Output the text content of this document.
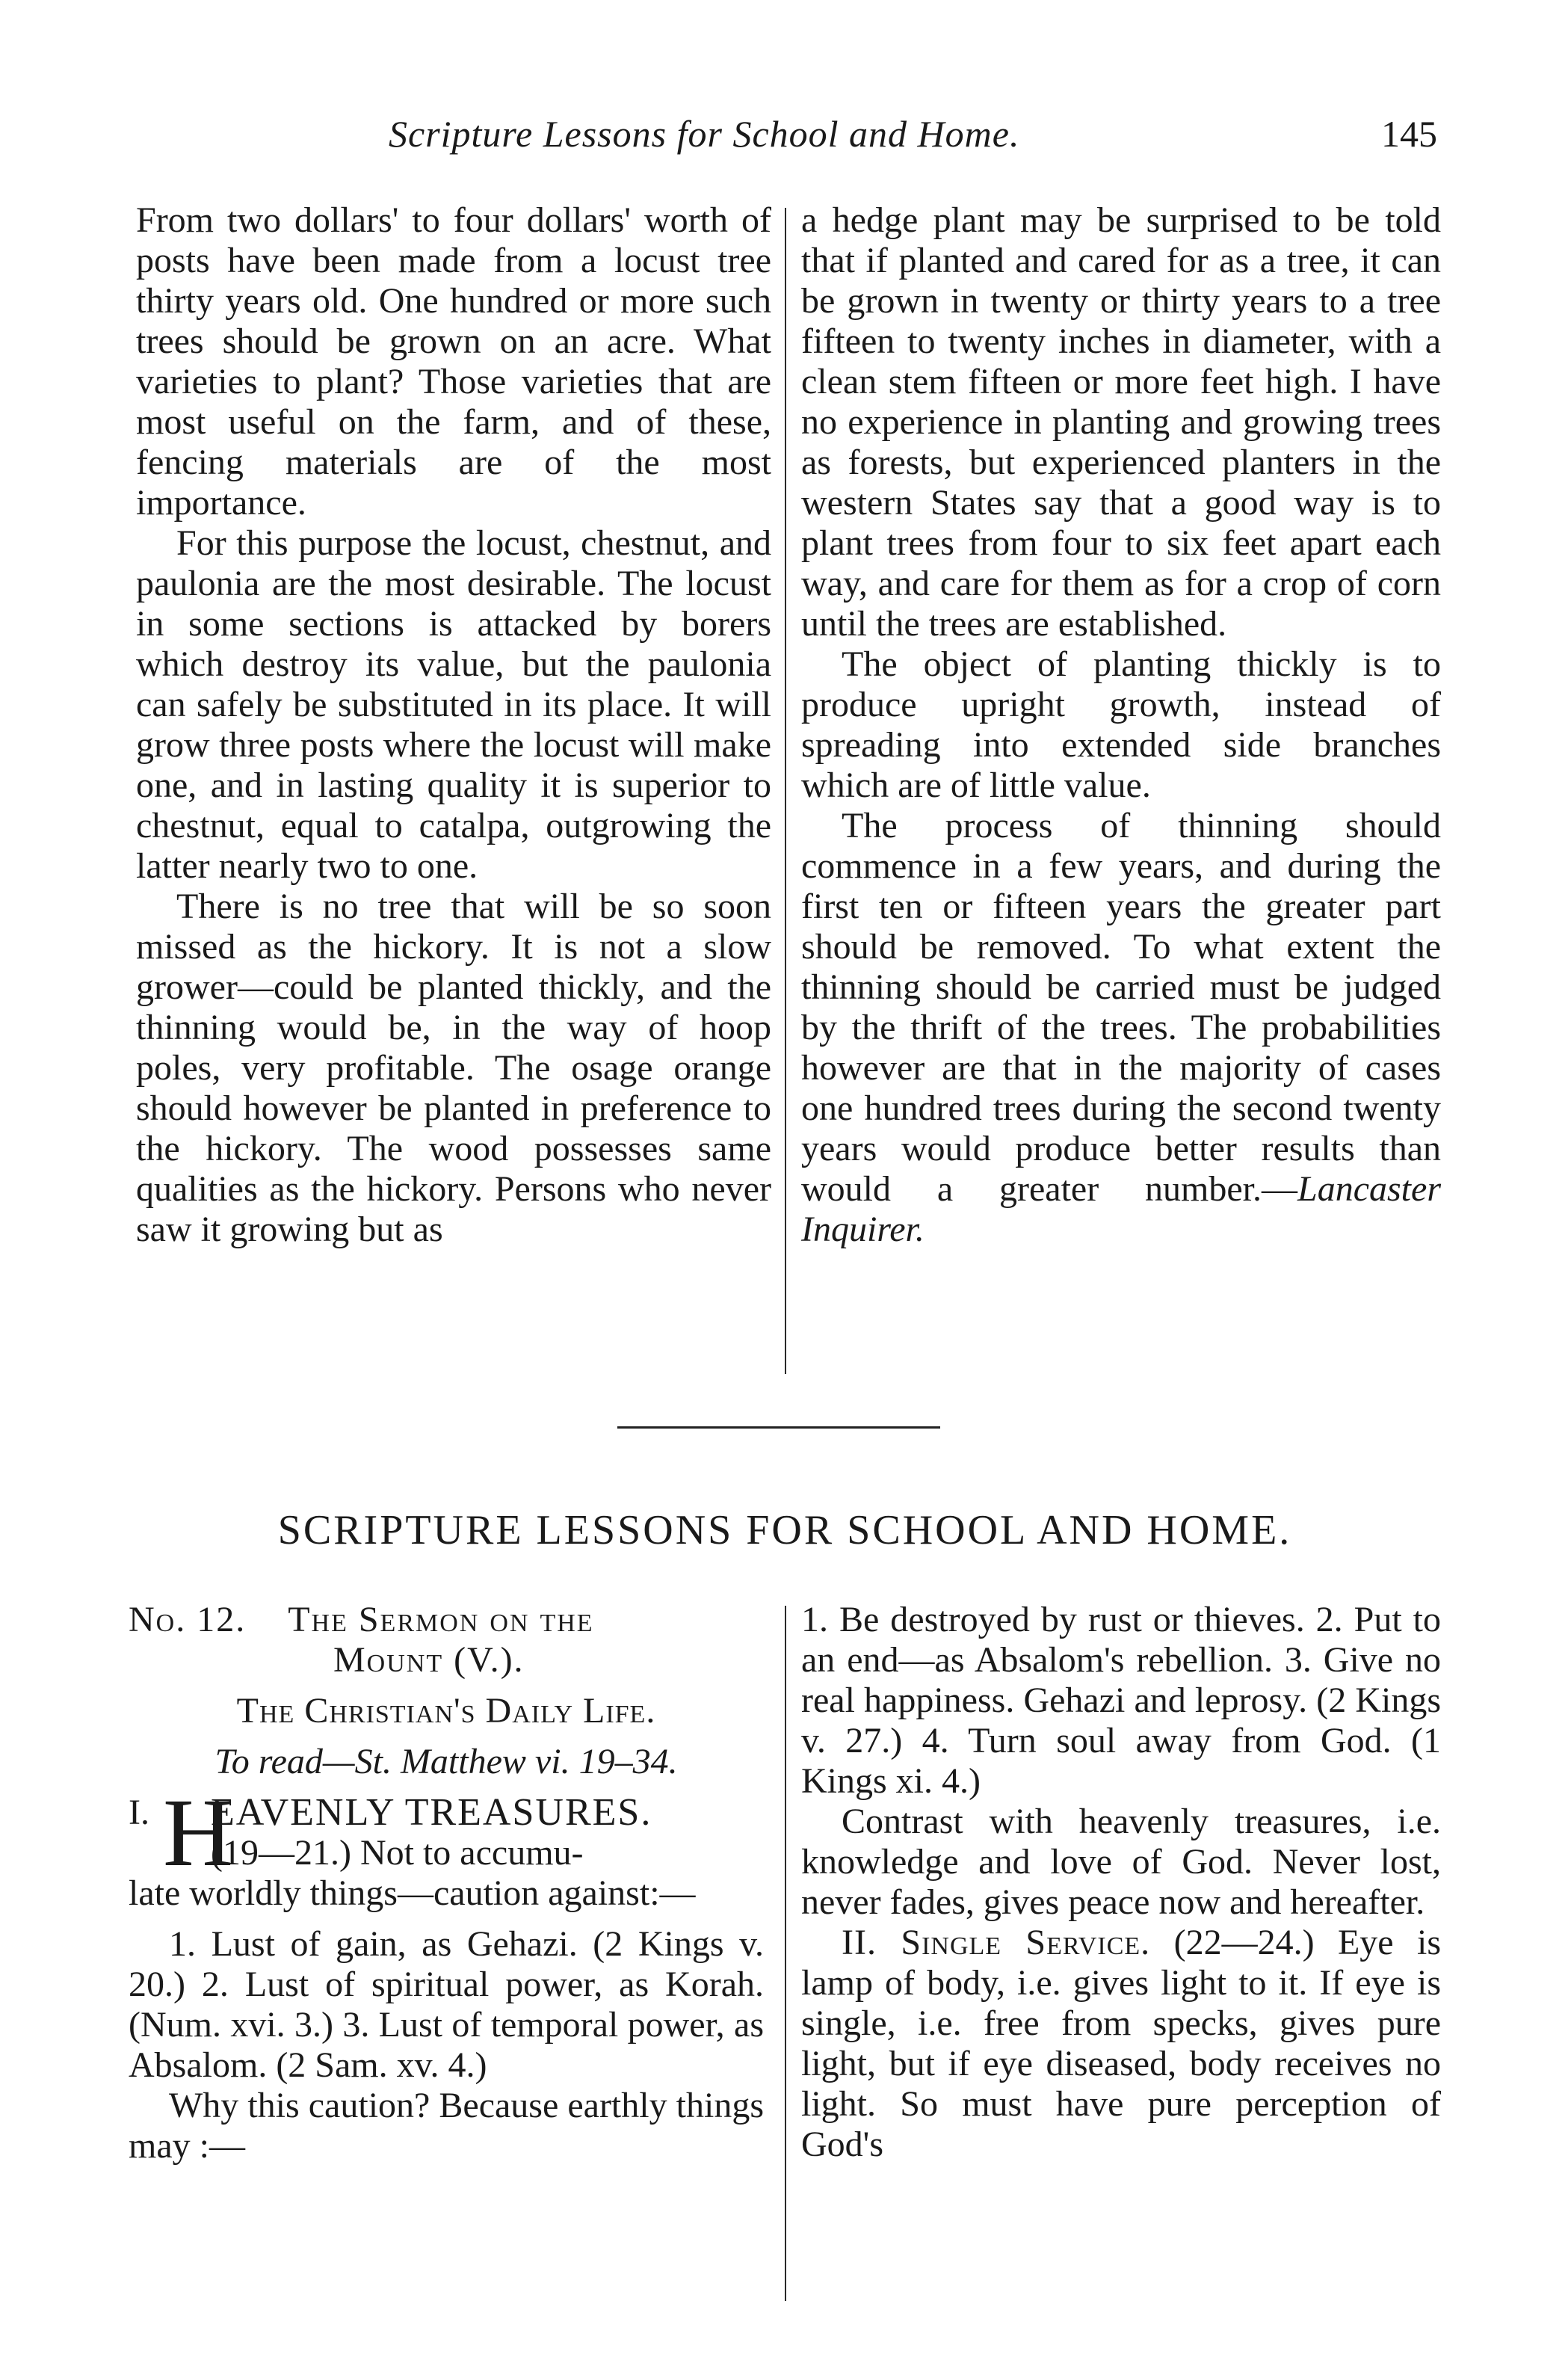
Scripture Lessons for School and Home.	145

From two dollars' to four dollars' worth of posts have been made from a locust tree thirty years old. One hundred or more such trees should be grown on an acre. What varieties to plant? Those varieties that are most useful on the farm, and of these, fencing materials are of the most importance.

For this purpose the locust, chestnut, and paulonia are the most desirable. The locust in some sections is attacked by borers which destroy its value, but the paulonia can safely be substituted in its place. It will grow three posts where the locust will make one, and in lasting quality it is superior to chestnut, equal to catalpa, outgrowing the latter nearly two to one.

There is no tree that will be so soon missed as the hickory. It is not a slow grower—could be planted thickly, and the thinning would be, in the way of hoop poles, very profitable. The osage orange should however be planted in preference to the hickory. The wood possesses same qualities as the hickory. Persons who never saw it growing but as

a hedge plant may be surprised to be told that if planted and cared for as a tree, it can be grown in twenty or thirty years to a tree fifteen to twenty inches in diameter, with a clean stem fifteen or more feet high. I have no experience in planting and growing trees as forests, but experienced planters in the western States say that a good way is to plant trees from four to six feet apart each way, and care for them as for a crop of corn until the trees are established.

The object of planting thickly is to produce upright growth, instead of spreading into extended side branches which are of little value.

The process of thinning should commence in a few years, and during the first ten or fifteen years the greater part should be removed. To what extent the thinning should be carried must be judged by the thrift of the trees. The probabilities however are that in the majority of cases one hundred trees during the second twenty years would produce better results than would a greater number.—Lancaster Inquirer.

SCRIPTURE LESSONS FOR SCHOOL AND HOME.

No. 12. The Sermon on the
Mount (V.).

The Christian's Daily Life.

To read—St. Matthew vi. 19–34.

I. H
EAVENLY TREASURES.
(19—21.) Not to accumu-

late worldly things—caution against:—

1. Lust of gain, as Gehazi. (2 Kings v. 20.) 2. Lust of spiritual power, as Korah. (Num. xvi. 3.) 3. Lust of temporal power, as Absalom. (2 Sam. xv. 4.)

Why this caution? Because earthly things may :—

1. Be destroyed by rust or thieves. 2. Put to an end—as Absalom's rebellion. 3. Give no real happiness. Gehazi and leprosy. (2 Kings v. 27.) 4. Turn soul away from God. (1 Kings xi. 4.)

Contrast with heavenly treasures, i.e. knowledge and love of God. Never lost, never fades, gives peace now and hereafter.

II. Single Service. (22—24.) Eye is lamp of body, i.e. gives light to it. If eye is single, i.e. free from specks, gives pure light, but if eye diseased, body receives no light. So must have pure perception of God's
